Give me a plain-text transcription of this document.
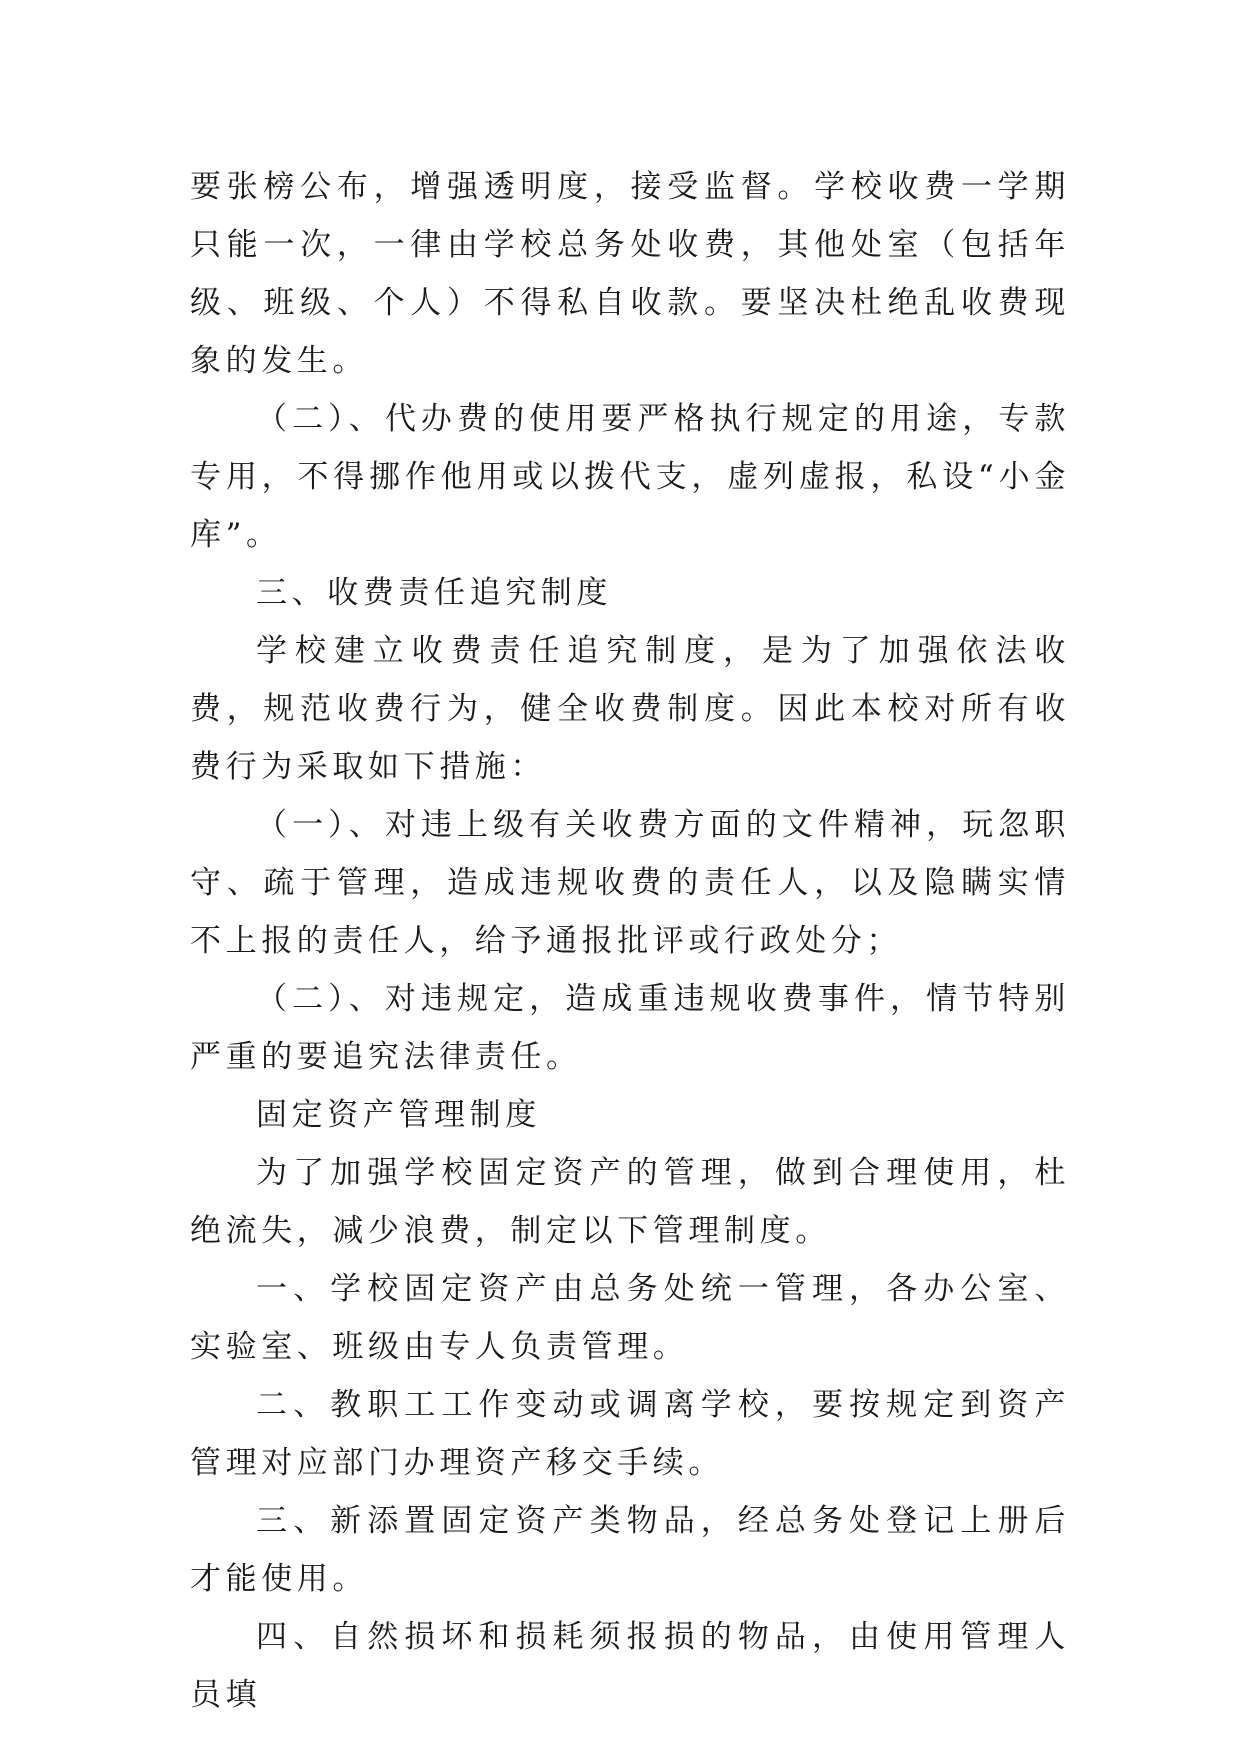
要张榜公布，增强透明度，接受监督。学校收费一学期只能一次，一律由学校总务处收费，其他处室（包括年级、班级、个人）不得私自收款。要坚决杜绝乱收费现象的发生。

（二）、代办费的使用要严格执行规定的用途，专款专用，不得挪作他用或以拨代支，虚列虚报，私设“小金库”。

三、收费责任追究制度

学校建立收费责任追究制度，是为了加强依法收费，规范收费行为，健全收费制度。因此本校对所有收费行为采取如下措施：

（一）、对违上级有关收费方面的文件精神，玩忽职守、疏于管理，造成违规收费的责任人，以及隐瞒实情不上报的责任人，给予通报批评或行政处分；

（二）、对违规定，造成重违规收费事件，情节特别严重的要追究法律责任。

固定资产管理制度

为了加强学校固定资产的管理，做到合理使用，杜绝流失，减少浪费，制定以下管理制度。

一、学校固定资产由总务处统一管理，各办公室、实验室、班级由专人负责管理。

二、教职工工作变动或调离学校，要按规定到资产管理对应部门办理资产移交手续。

三、新添置固定资产类物品，经总务处登记上册后才能使用。

四、自然损坏和损耗须报损的物品，由使用管理人员填
